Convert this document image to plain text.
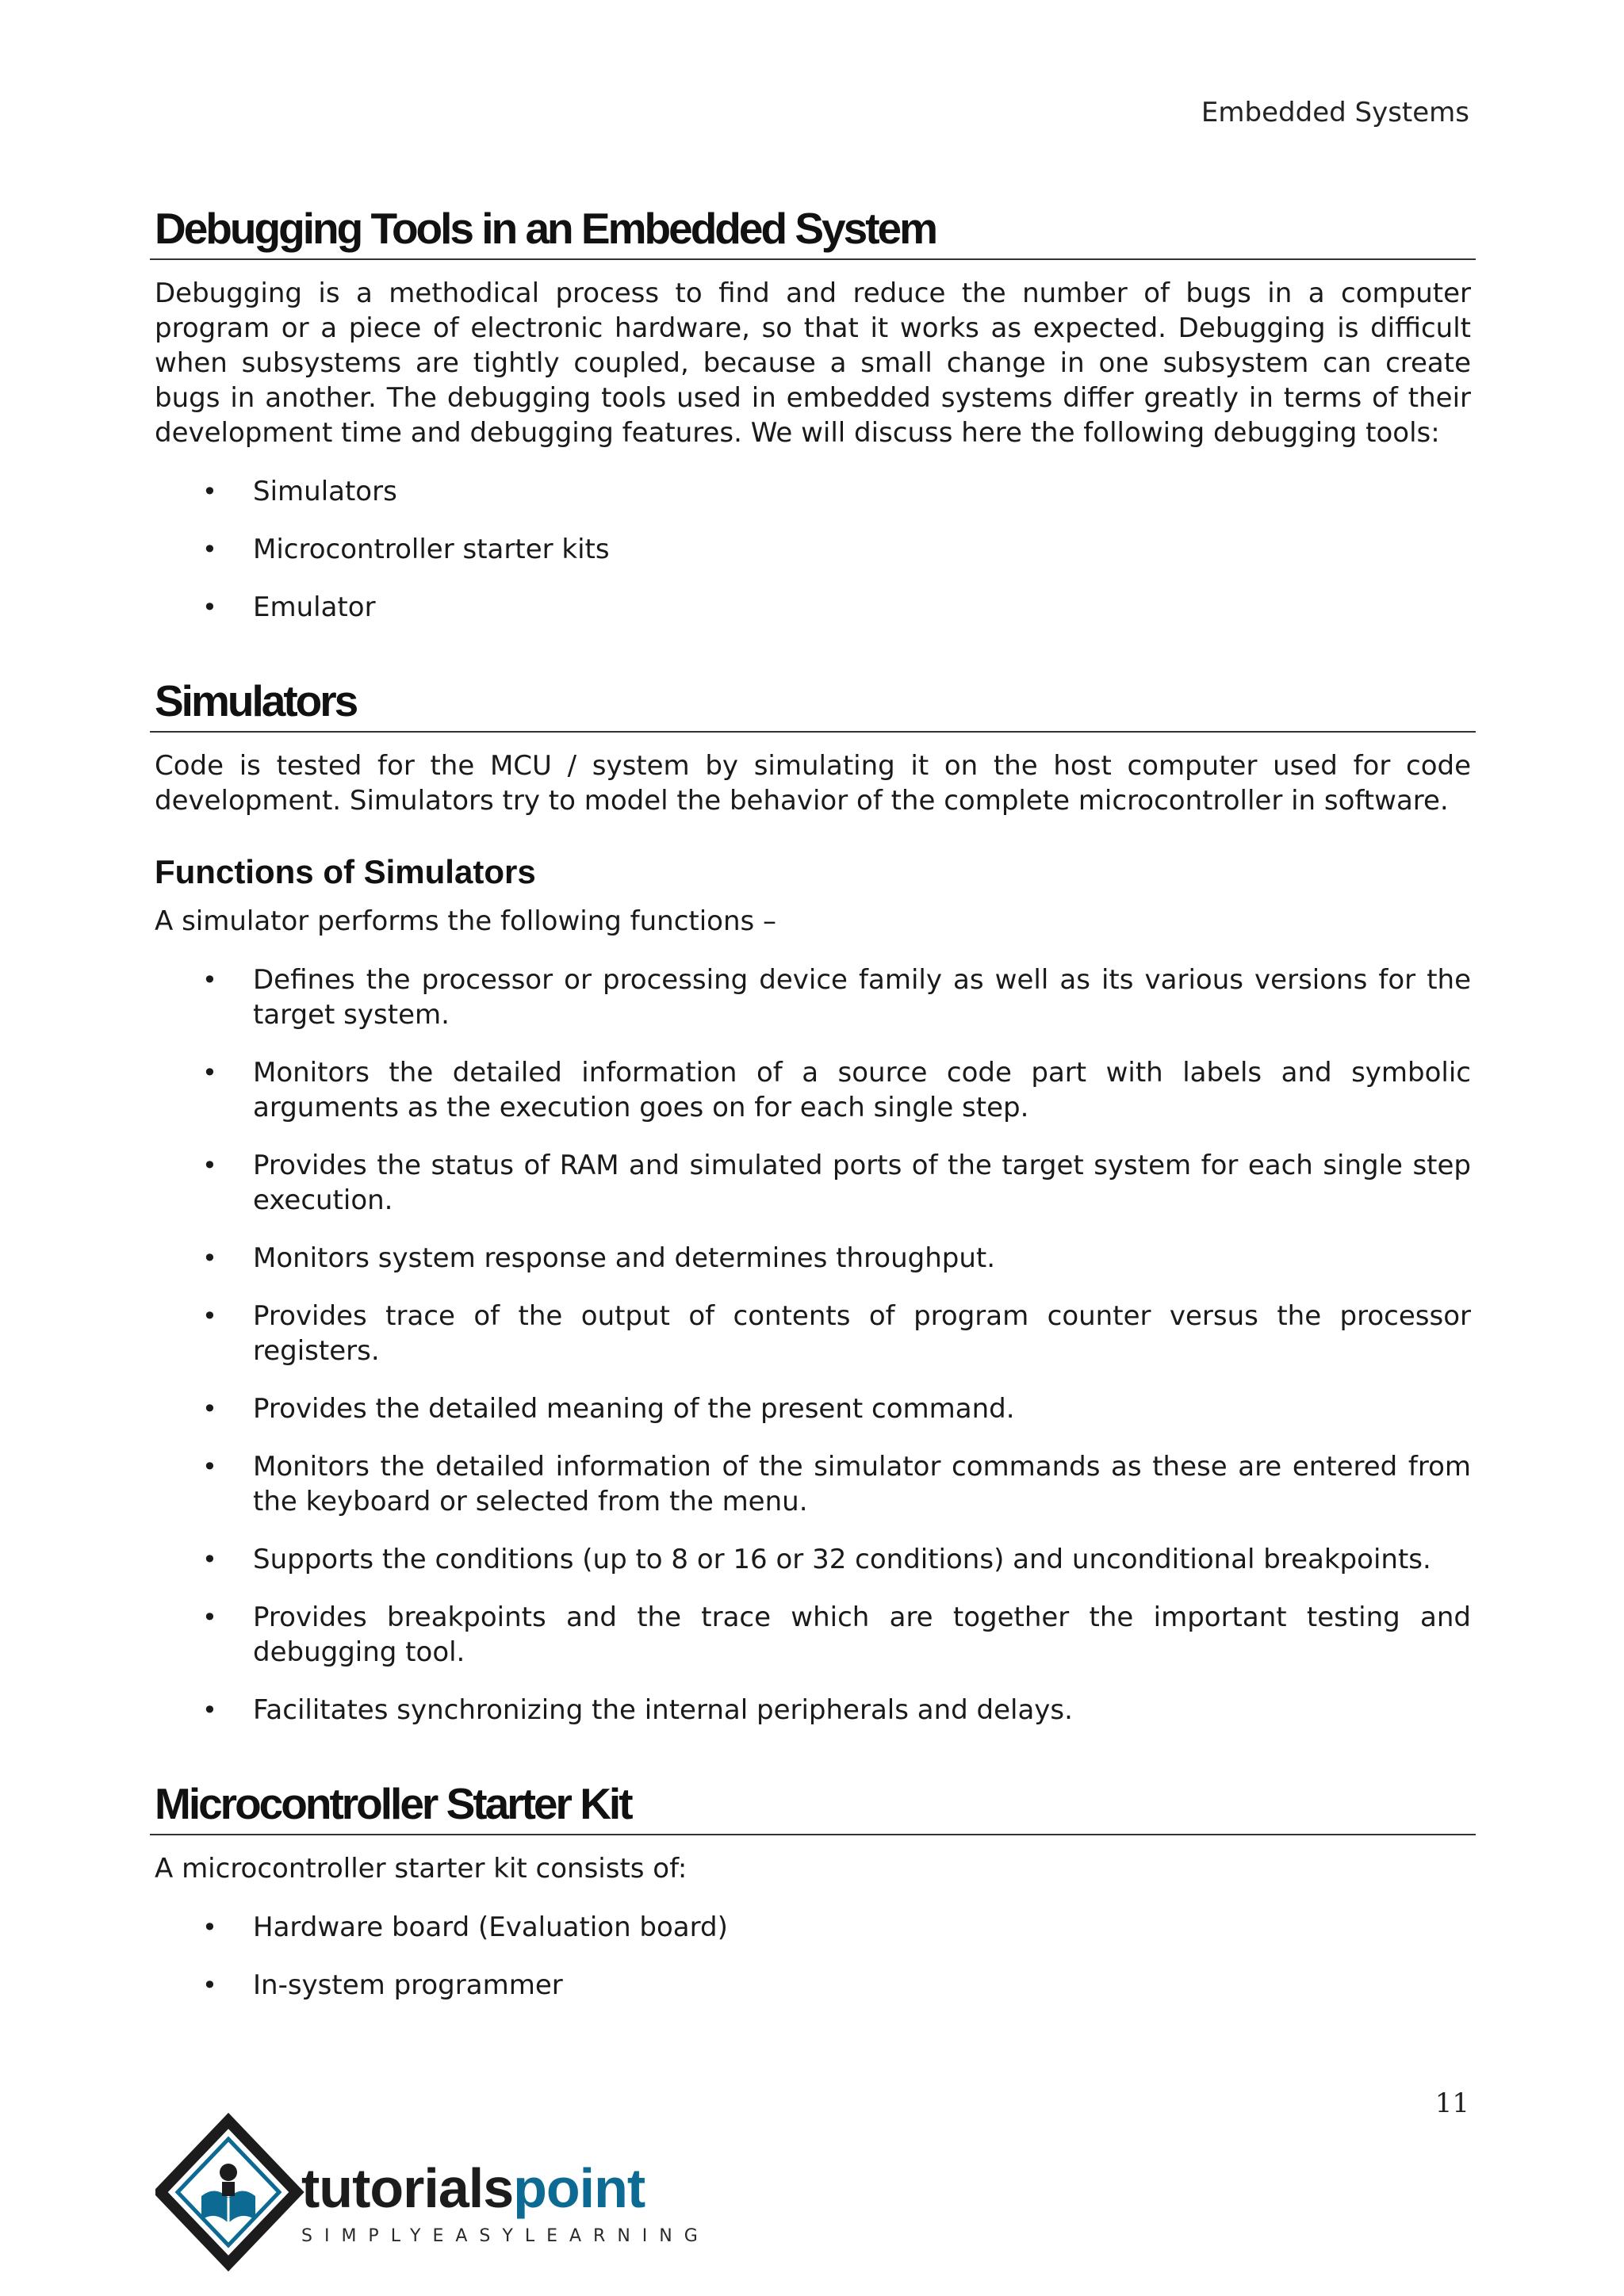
Embedded Systems
Debugging Tools in an Embedded System

Debugging is a methodical process to find and reduce the number of bugs in a computer program or a piece of electronic hardware, so that it works as expected. Debugging is difficult when subsystems are tightly coupled, because a small change in one subsystem can create bugs in another. The debugging tools used in embedded systems differ greatly in terms of their development time and debugging features. We will discuss here the following debugging tools:

• Simulators
• Microcontroller starter kits
• Emulator
Simulators

Code is tested for the MCU / system by simulating it on the host computer used for code development. Simulators try to model the behavior of the complete microcontroller in software.

Functions of Simulators

A simulator performs the following functions –

• Defines the processor or processing device family as well as its various versions for the target system.
• Monitors the detailed information of a source code part with labels and symbolic arguments as the execution goes on for each single step.
• Provides the status of RAM and simulated ports of the target system for each single step execution.
• Monitors system response and determines throughput.
• Provides trace of the output of contents of program counter versus the processor registers.
• Provides the detailed meaning of the present command.
• Monitors the detailed information of the simulator commands as these are entered from the keyboard or selected from the menu.
• Supports the conditions (up to 8 or 16 or 32 conditions) and unconditional breakpoints.
• Provides breakpoints and the trace which are together the important testing and debugging tool.
• Facilitates synchronizing the internal peripherals and delays.
Microcontroller Starter Kit

A microcontroller starter kit consists of:

• Hardware board (Evaluation board)
• In-system programmer
11
tutorialspoint
SIMPLYEASYLEARNING
